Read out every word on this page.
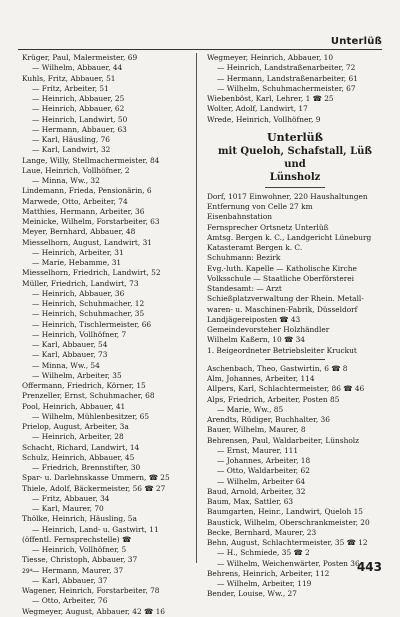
Unterlüß
Krüger, Paul, Malermeister, 69
— Wilhelm, Abbauer, 44
Kuhls, Fritz, Abbauer, 51
— Fritz, Arbeiter, 51
— Heinrich, Abbauer, 25
— Heinrich, Abbauer, 62
— Heinrich, Landwirt, 50
— Hermann, Abbauer, 63
— Karl, Häusling, 76
— Karl, Landwirt, 32
Lange, Willy, Stellmachermeister, 84
Laue, Heinrich, Vollhöfner, 2
— Minna, Ww., 32
Lindemann, Frieda, Pensionärin, 6
Marwede, Otto, Arbeiter, 74
Matthies, Hermann, Arbeiter, 36
Meinicke, Wilhelm, Forstarbeiter, 63
Meyer, Bernhard, Abbauer, 48
Miesselhorn, August, Landwirt, 31
— Heinrich, Arbeiter, 31
— Marie, Hebamme, 31
Miesselhorn, Friedrich, Landwirt, 52
Müller, Friedrich, Landwirt, 73
— Heinrich, Abbauer, 36
— Heinrich, Schuhmacher, 12
— Heinrich, Schuhmacher, 35
— Heinrich, Tischlermeister, 66
— Heinrich, Vollhöfner, 7
— Karl, Abbauer, 54
— Karl, Abbauer, 73
— Minna, Ww., 54
— Wilhelm, Arbeiter, 35
Offermann, Friedrich, Körner, 15
Prenzeller, Ernst, Schuhmacher, 68
Pool, Heinrich, Abbauer, 41
— Wilhelm, Mühlenbesitzer, 65
Prielop, August, Arbeiter, 3a
— Heinrich, Arbeiter, 28
Schacht, Richard, Landwirt, 14
Schulz, Heinrich, Abbauer, 45
— Friedrich, Brennstifter, 30
Spar- u. Darlehnskasse Ummern, ☎ 25
Thiele, Adolf, Bäckermeister, 56 ☎ 27
— Fritz, Abbauer, 34
— Karl, Maurer, 70
Thölke, Heinrich, Häusling, 5a
— Heinrich, Land- u. Gastwirt, 11
(öffentl. Fernsprechstelle) ☎
— Heinrich, Vollhöfner, 5
Tiesse, Christoph, Abbauer, 37
— Hermann, Maurer, 37
— Karl, Abbauer, 37
Wagener, Heinrich, Forstarbeiter, 78
— Otto, Arbeiter, 76
Wegmeyer, August, Abbauer, 42 ☎ 16
Wegmeyer, Heinrich, Abbauer, 10
— Heinrich, Landstraßenarbeiter, 72
— Hermann, Landstraßenarbeiter, 61
— Wilhelm, Schuhmachermeister, 67
Wiebenböst, Karl, Lehrer, 1 ☎ 25
Wolter, Adolf, Landwirt, 17
Wrede, Heinrich, Vollhöfner, 9
Unterlüß
mit Queloh, Schafstall, Lüß und
Lünsholz
Dorf, 1017 Einwohner, 220 Haushaltungen
Entfernung von Celle 27 km
Eisenbahnstation
Fernsprecher Ortsnetz Unterlüß
Amtsg. Bergen k. C., Landgericht Lüneburg
Katasteramt Bergen k. C.
Schuhmann: Bezirk
Evg.-luth. Kapelle — Katholische Kirche
Volksschule — Staatliche Oberförsterei
Standesamt: — Arzt
Schießplatzverwaltung der Rhein. Metall-
waren- u. Maschinen-Fabrik, Düsseldorf
Landjägereiposten ☎ 43
Gemeindevorsteher Holzhändler
Wilhelm Kaßern, 10 ☎ 34
1. Beigeordneter Betriebsleiter Kruckut
Aschenbach, Theo, Gastwirtin, 6 ☎ 8
Alm, Johannes, Arbeiter, 114
Allpers, Karl, Schlachtermeister, 86 ☎ 46
Alps, Friedrich, Arbeiter, Posten 85
— Marie, Ww., 85
Arendts, Rüdiger, Buchhalter, 36
Bauer, Wilhelm, Maurer, 8
Behrensen, Paul, Waldarbeiter, Lünsholz
— Ernst, Maurer, 111
— Johannes, Arbeiter, 18
— Otto, Waldarbeiter, 62
— Wilhelm, Arbeiter 64
Baud, Arnold, Arbeiter, 32
Baum, Max, Sattler, 63
Baumgarten, Heinr., Landwirt, Queloh 15
Baustick, Wilhelm, Oberschrankmeister, 20
Becke, Bernhard, Maurer, 23
Behn, August, Schlachtermeister, 35 ☎ 12
— H., Schmiede, 35 ☎ 2
— Wilhelm, Weichenwärter, Posten 36
Behrens, Heinrich, Arbeiter, 112
— Wilhelm, Arbeiter, 119
Bender, Louise, Ww., 27
29*	443
